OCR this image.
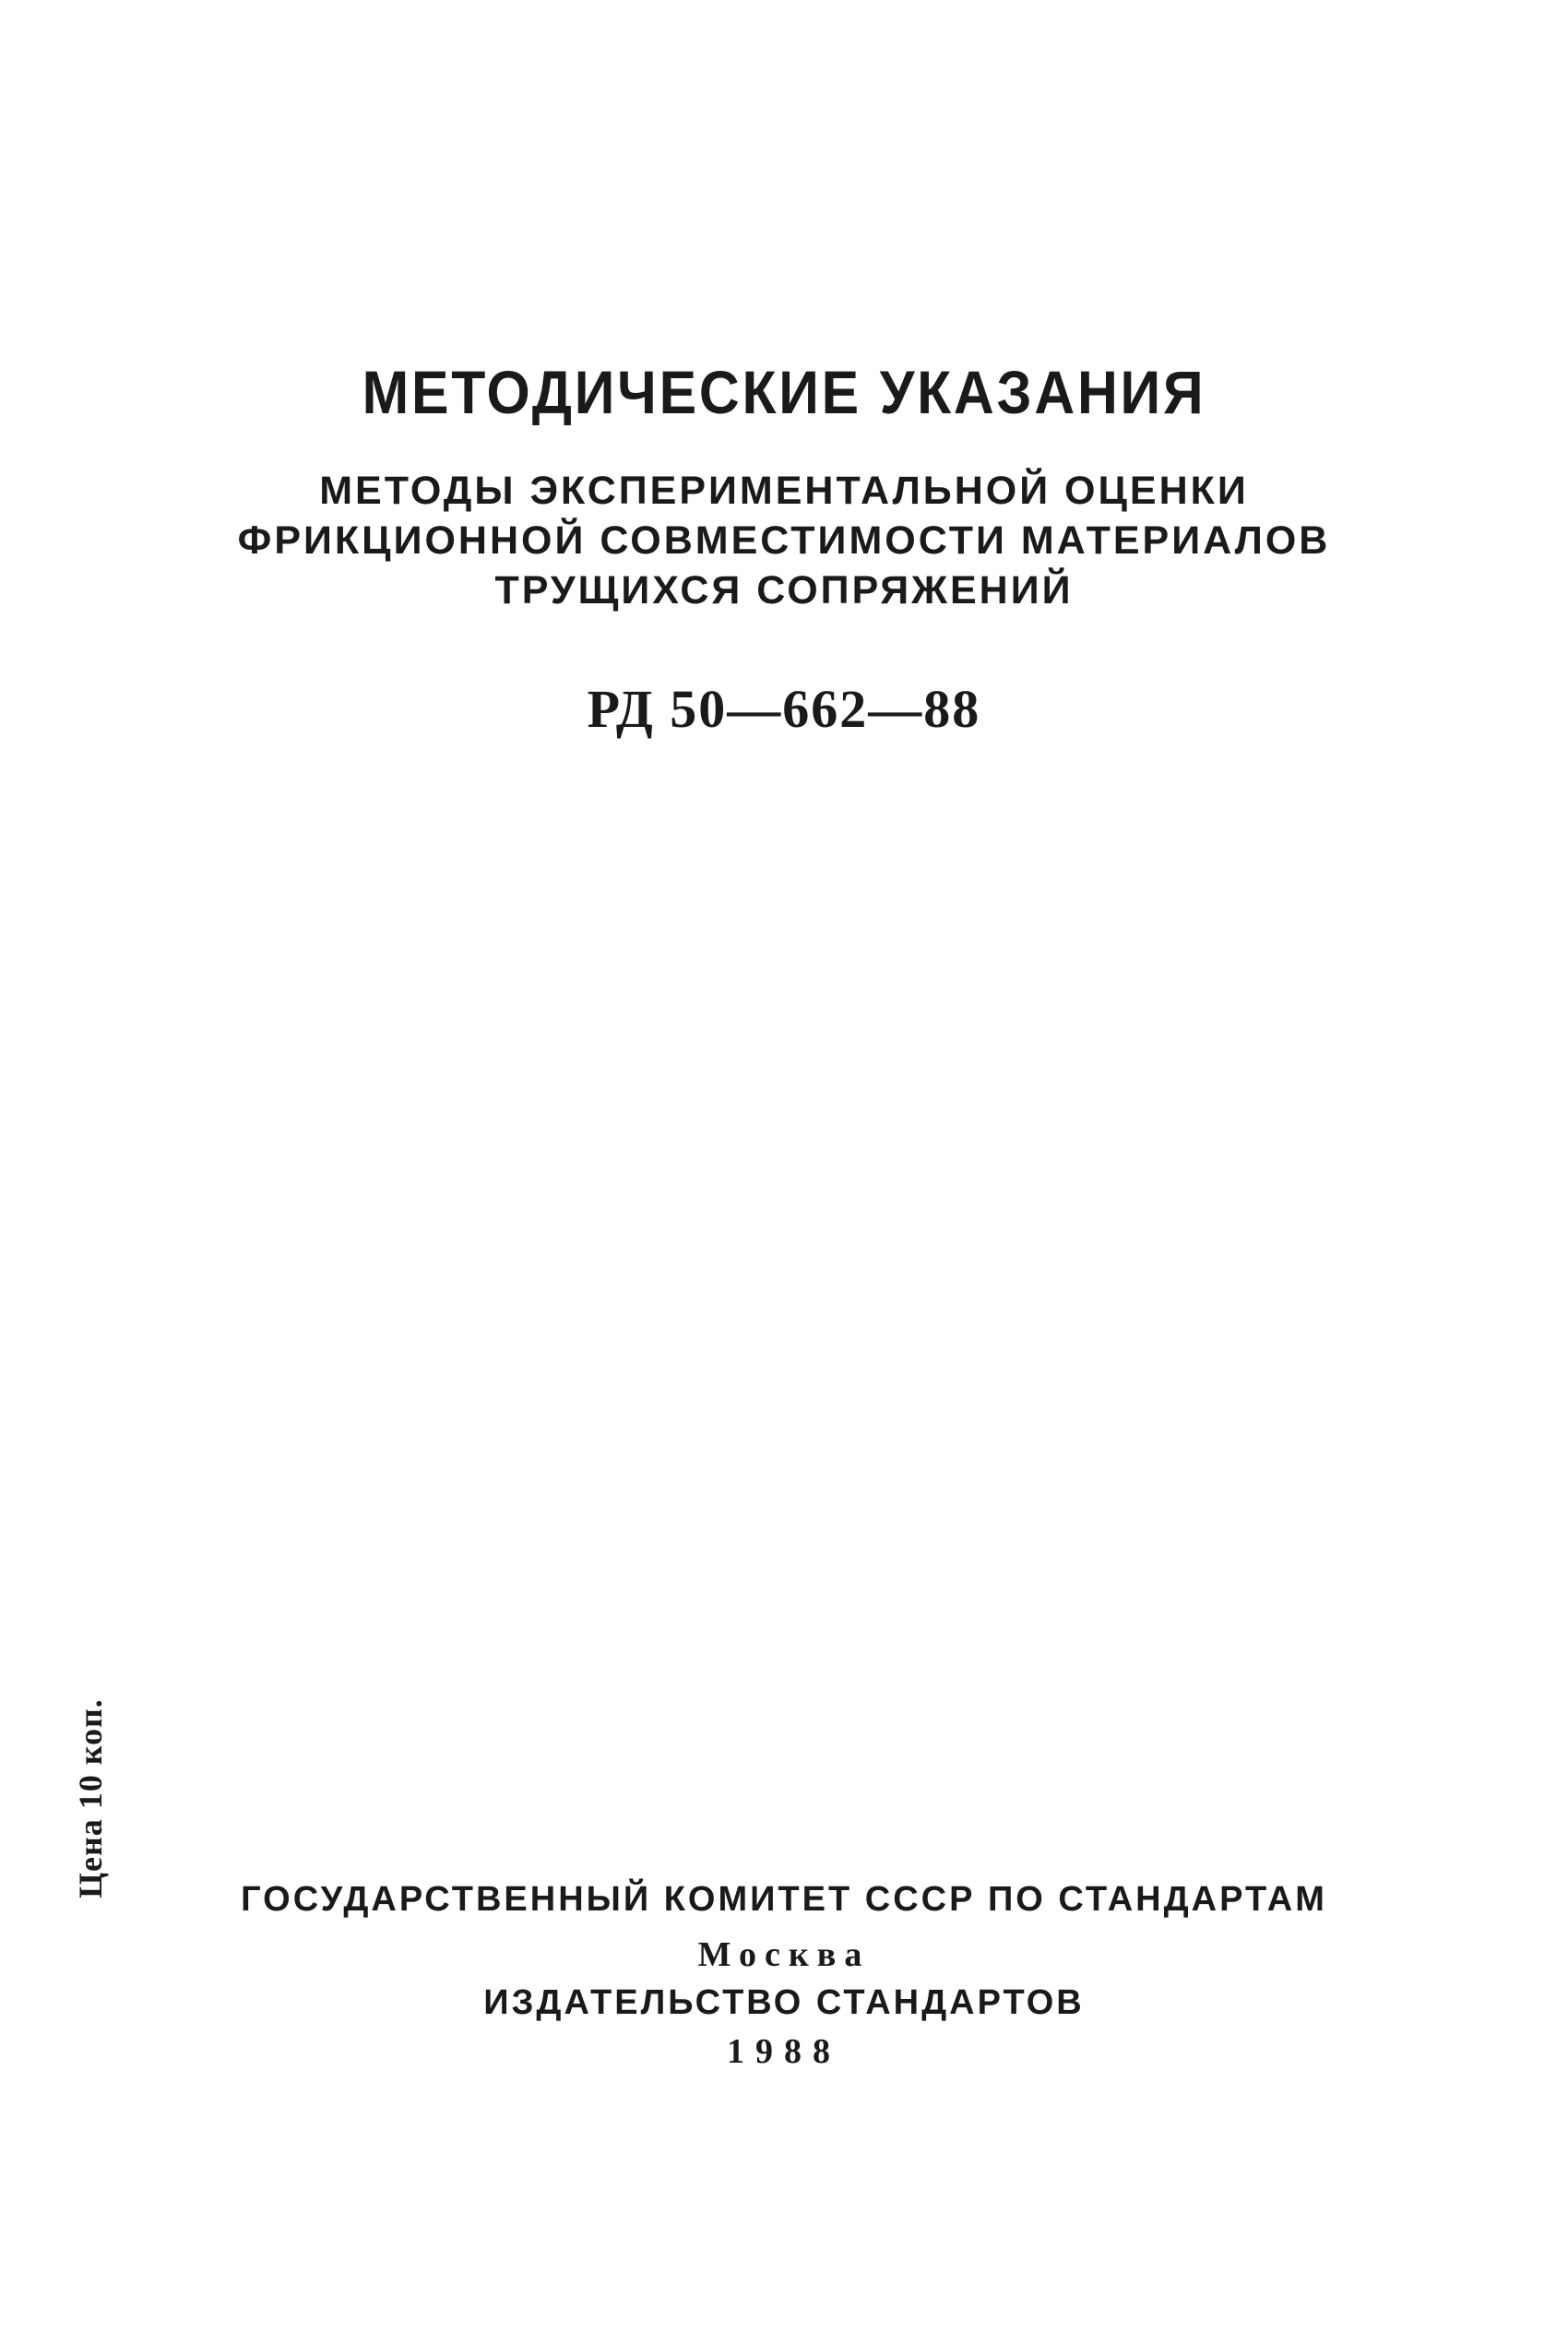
МЕТОДИЧЕСКИЕ УКАЗАНИЯ
МЕТОДЫ ЭКСПЕРИМЕНТАЛЬНОЙ ОЦЕНКИ
ФРИКЦИОННОЙ СОВМЕСТИМОСТИ МАТЕРИАЛОВ
ТРУЩИХСЯ СОПРЯЖЕНИЙ
РД 50—662—88
Цена 10 коп.
ГОСУДАРСТВЕННЫЙ КОМИТЕТ СССР ПО СТАНДАРТАМ
Москва
ИЗДАТЕЛЬСТВО СТАНДАРТОВ
1988
